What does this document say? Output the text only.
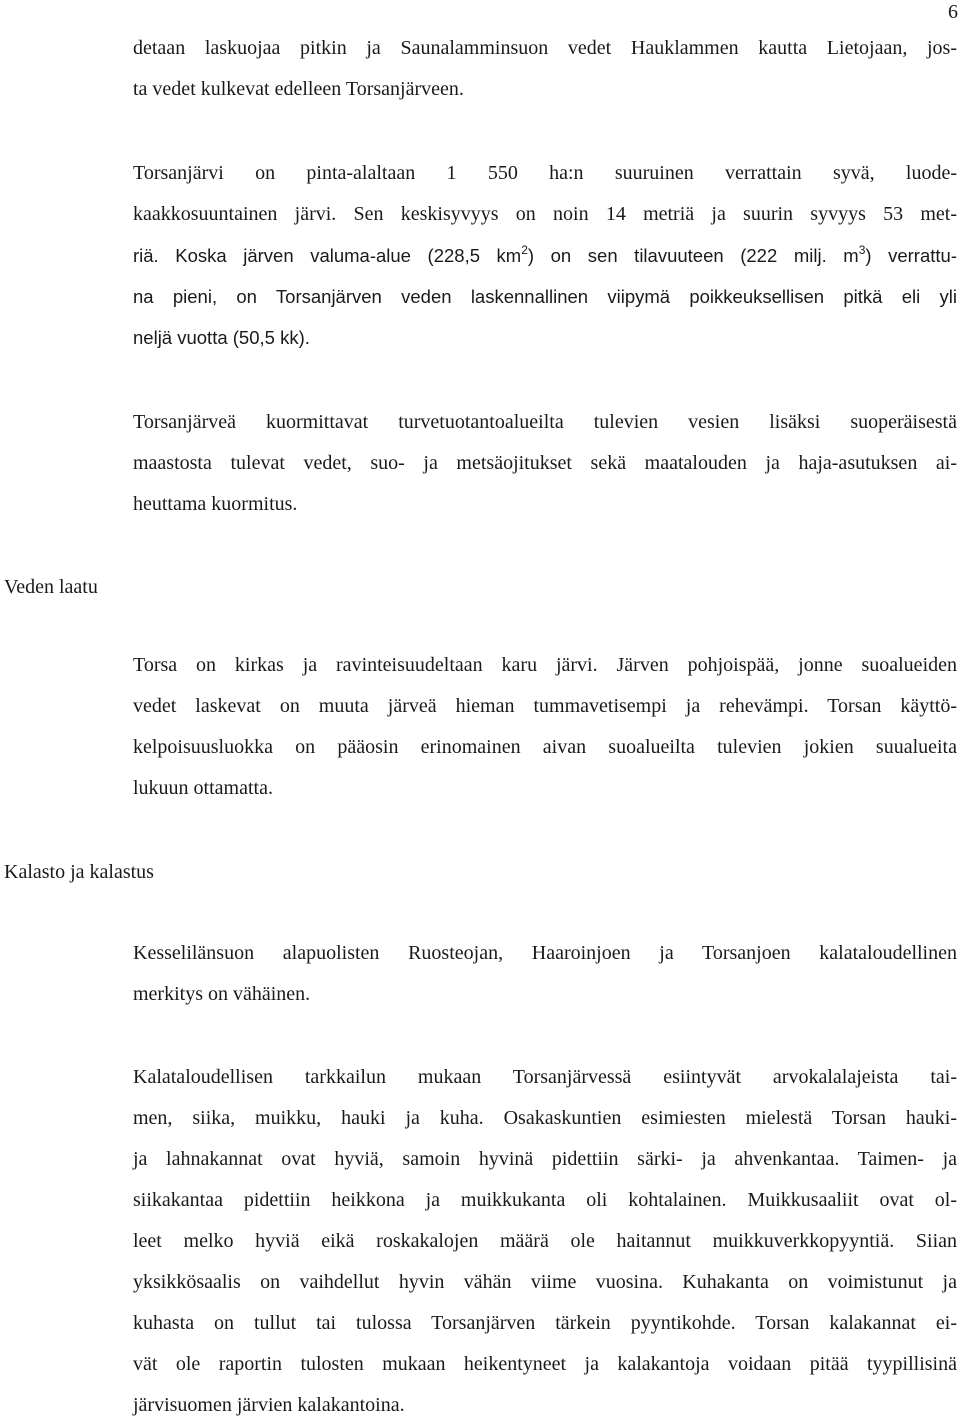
6
detaan laskuojaa pitkin ja Saunalamminsuon vedet Hauklammen kautta Lietojaan, jos-
ta vedet kulkevat edelleen Torsanjärveen.
Torsanjärvi on pinta-alaltaan 1 550 ha:n suuruinen verrattain syvä, luode-
kaakkosuuntainen järvi. Sen keskisyvyys on noin 14 metriä ja suurin syvyys 53 met-
riä. Koska järven valuma-alue (228,5 $km^2$) on sen tilavuuteen (222 milj. $m^3$) verrattu-
na pieni, on Torsanjärven veden laskennallinen viipymä poikkeuksellisen pitkä eli yli
neljä vuotta (50,5 kk).
Torsanjärveä kuormittavat turvetuotantoalueilta tulevien vesien lisäksi suoperäisestä
maastosta tulevat vedet, suo- ja metsäojitukset sekä maatalouden ja haja-asutuksen ai-
heuttama kuormitus.
Veden laatu
Torsa on kirkas ja ravinteisuudeltaan karu järvi. Järven pohjoispää, jonne suoalueiden
vedet laskevat on muuta järveä hieman tummavetisempi ja rehevämpi. Torsan käyttö-
kelpoisuusluokka on pääosin erinomainen aivan suoalueilta tulevien jokien suualueita
lukuun ottamatta.
Kalasto ja kalastus
Kesselilänsuon alapuolisten Ruosteojan, Haaroinjoen ja Torsanjoen kalataloudellinen
merkitys on vähäinen.
Kalataloudellisen tarkkailun mukaan Torsanjärvessä esiintyvät arvokalalajeista tai-
men, siika, muikku, hauki ja kuha. Osakaskuntien esimiesten mielestä Torsan hauki-
ja lahnakannat ovat hyviä, samoin hyvinä pidettiin särki- ja ahvenkantaa. Taimen- ja
siikakantaa pidettiin heikkona ja muikkukanta oli kohtalainen. Muikkusaaliit ovat ol-
leet melko hyviä eikä roskakalojen määrä ole haitannut muikkuverkkopyyntiä. Siian
yksikkösaalis on vaihdellut hyvin vähän viime vuosina. Kuhakanta on voimistunut ja
kuhasta on tullut tai tulossa Torsanjärven tärkein pyyntikohde. Torsan kalakannat ei-
vät ole raportin tulosten mukaan heikentyneet ja kalakantoja voidaan pitää tyypillisinä
järvisuomen järvien kalakantoina.
